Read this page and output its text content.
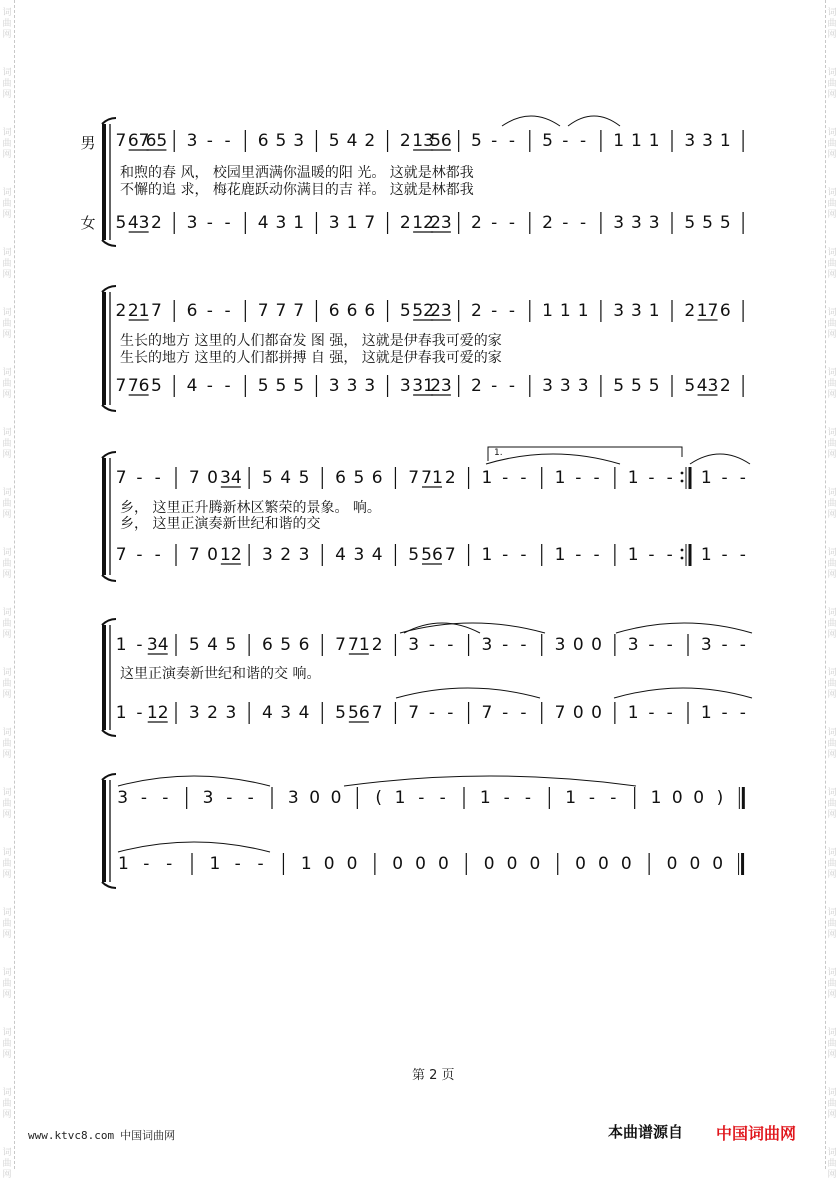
男
女
7 67
65 3 - - 6 5 3 5 4 2 2 13
56 5 - - 5 - - 1 1 1 3 3 1
5 43 2 3 - - 4 3 1 3 1 7 2 12
23 2 - - 2 - - 3 3 3 5 5 5
和煦的春 风， 校园里洒满你温暖的阳 光。 这就是林都我
不懈的追 求， 梅花鹿跃动你满目的吉 祥。 这就是林都我
2 21 7 6 - - 7 7 7 6 6 6 5 52
23 2 - - 1 1 1 3 3 1 2 17 6
7 76 5 4 - - 5 5 5 3 3 3 3 31
23 2 - - 3 3 3 5 5 5 5 43 2
生长的地方 这里的人们都奋发 图 强， 这就是伊春我可爱的家
生长的地方 这里的人们都拼搏 自 强， 这就是伊春我可爱的家
7 - - 7 0 34 5 4 5 6 5 6 7 71 2 1 - - 1 - - 1 - - 1 - -
7 - - 7 0 12 3 2 3 4 3 4 5 56 7 1 - - 1 - - 1 - - 1 - -
乡， 这里正升腾新林区繁荣的景象。 响。
乡， 这里正演奏新世纪和谐的交
1.
1 - 34 5 4 5 6 5 6 7 71 2 3 - - 3 - - 3 0 0 3 - - 3 - -
1 - 12 3 2 3 4 3 4 5 56 7 7 - - 7 - - 7 0 0 1 - - 1 - -
这里正演奏新世纪和谐的交 响。
3 - - 3 - - 3 0 0 ( 1 - - 1 - - 1 - - 1 0 0 )
1 - - 1 - - 1 0 0 0 0 0 0 0 0 0 0 0 0 0 0
第 2 页
www.ktvc8.com 中国词曲网	本曲谱源自 中国词曲网
词
曲
网
词
曲
网
词
曲
网
词
曲
网
词
曲
网
词
曲
网
词
曲
网
词
曲
网
词
曲
网
词
曲
网
词
曲
网
词
曲
网
词
曲
网
词
曲
网
词
曲
网
词
曲
网
词
曲
网
词
曲
网
词
曲
网
词
曲
网
词
曲
网
词
曲
网
词
曲
网
词
曲
网
词
曲
网
词
曲
网
词
曲
网
词
曲
网
词
曲
网
词
曲
网
词
曲
网
词
曲
网
词
曲
网
词
曲
网
词
曲
网
词
曲
网
词
曲
网
词
曲
网
词
曲
网
词
曲
网
